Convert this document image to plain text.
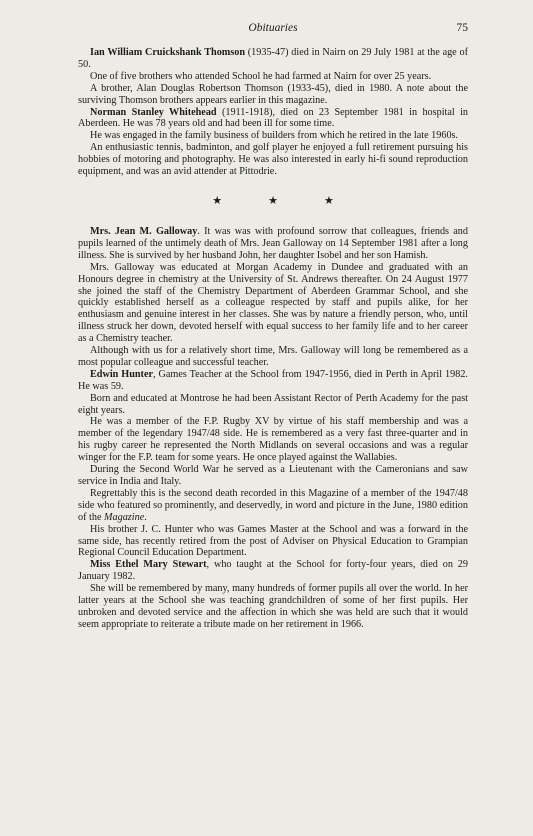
Obituaries	75

Ian William Cruickshank Thomson (1935-47) died in Nairn on 29 July 1981 at the age of 50.

One of five brothers who attended School he had farmed at Nairn for over 25 years.

A brother, Alan Douglas Robertson Thomson (1933-45), died in 1980. A note about the surviving Thomson brothers appears earlier in this magazine.

Norman Stanley Whitehead (1911-1918), died on 23 September 1981 in hospital in Aberdeen. He was 78 years old and had been ill for some time.

He was engaged in the family business of builders from which he retired in the late 1960s.

An enthusiastic tennis, badminton, and golf player he enjoyed a full retirement pursuing his hobbies of motoring and photography. He was also interested in early hi-fi sound reproduction equipment, and was an avid attender at Pittodrie.

★	★	★

Mrs. Jean M. Galloway. It was was with profound sorrow that colleagues, friends and pupils learned of the untimely death of Mrs. Jean Galloway on 14 September 1981 after a long illness. She is survived by her husband John, her daughter Isobel and her son Hamish.

Mrs. Galloway was educated at Morgan Academy in Dundee and graduated with an Honours degree in chemistry at the University of St. Andrews thereafter. On 24 August 1977 she joined the staff of the Chemistry Department of Aberdeen Grammar School, and she quickly established herself as a colleague respected by staff and pupils alike, for her enthusiasm and genuine interest in her classes. She was by nature a friendly person, who, until illness struck her down, devoted herself with equal success to her family life and to her career as a Chemistry teacher.

Although with us for a relatively short time, Mrs. Galloway will long be remembered as a most popular colleague and successful teacher.

Edwin Hunter, Games Teacher at the School from 1947-1956, died in Perth in April 1982. He was 59.

Born and educated at Montrose he had been Assistant Rector of Perth Academy for the past eight years.

He was a member of the F.P. Rugby XV by virtue of his staff membership and was a member of the legendary 1947/48 side. He is remembered as a very fast three-quarter and in his rugby career he represented the North Midlands on several occasions and was a regular winger for the F.P. team for some years. He once played against the Wallabies.

During the Second World War he served as a Lieutenant with the Cameronians and saw service in India and Italy.

Regrettably this is the second death recorded in this Magazine of a member of the 1947/48 side who featured so prominently, and deservedly, in word and picture in the June, 1980 edition of the Magazine.

His brother J. C. Hunter who was Games Master at the School and was a forward in the same side, has recently retired from the post of Adviser on Physical Education to Grampian Regional Council Education Department.

Miss Ethel Mary Stewart, who taught at the School for forty-four years, died on 29 January 1982.

She will be remembered by many, many hundreds of former pupils all over the world. In her latter years at the School she was teaching grandchildren of some of her first pupils. Her unbroken and devoted service and the affection in which she was held are such that it would seem appropriate to reiterate a tribute made on her retirement in 1966.
